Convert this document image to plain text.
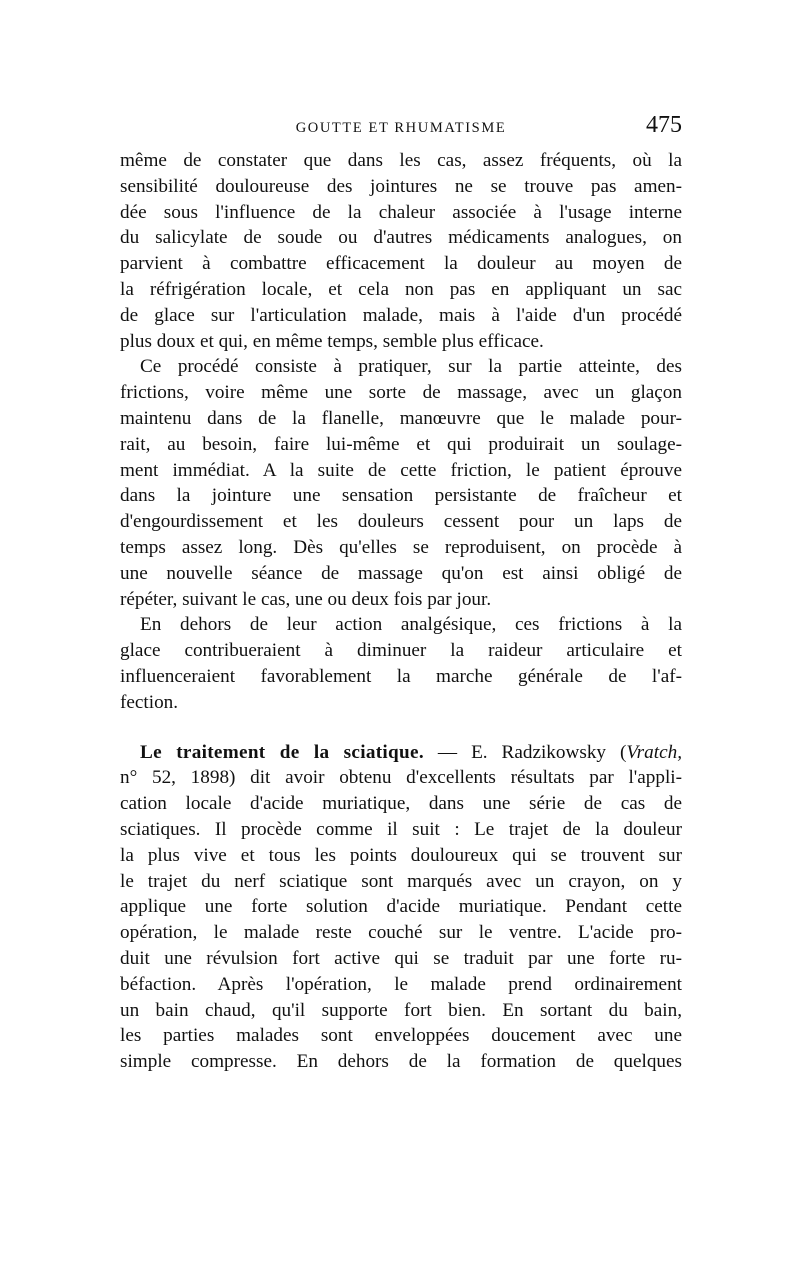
GOUTTE ET RHUMATISME	475
même de constater que dans les cas, assez fréquents, où la
sensibilité douloureuse des jointures ne se trouve pas amen-
dée sous l'influence de la chaleur associée à l'usage interne
du salicylate de soude ou d'autres médicaments analogues, on
parvient à combattre efficacement la douleur au moyen de
la réfrigération locale, et cela non pas en appliquant un sac
de glace sur l'articulation malade, mais à l'aide d'un procédé
plus doux et qui, en même temps, semble plus efficace.
Ce procédé consiste à pratiquer, sur la partie atteinte, des
frictions, voire même une sorte de massage, avec un glaçon
maintenu dans de la flanelle, manœuvre que le malade pour-
rait, au besoin, faire lui-même et qui produirait un soulage-
ment immédiat. A la suite de cette friction, le patient éprouve
dans la jointure une sensation persistante de fraîcheur et
d'engourdissement et les douleurs cessent pour un laps de
temps assez long. Dès qu'elles se reproduisent, on procède à
une nouvelle séance de massage qu'on est ainsi obligé de
répéter, suivant le cas, une ou deux fois par jour.
En dehors de leur action analgésique, ces frictions à la
glace contribueraient à diminuer la raideur articulaire et
influenceraient favorablement la marche générale de l'af-
fection.
Le traitement de la sciatique. — E. Radzikowsky (Vratch,
n° 52, 1898) dit avoir obtenu d'excellents résultats par l'appli-
cation locale d'acide muriatique, dans une série de cas de
sciatiques. Il procède comme il suit : Le trajet de la douleur
la plus vive et tous les points douloureux qui se trouvent sur
le trajet du nerf sciatique sont marqués avec un crayon, on y
applique une forte solution d'acide muriatique. Pendant cette
opération, le malade reste couché sur le ventre. L'acide pro-
duit une révulsion fort active qui se traduit par une forte ru-
béfaction. Après l'opération, le malade prend ordinairement
un bain chaud, qu'il supporte fort bien. En sortant du bain,
les parties malades sont enveloppées doucement avec une
simple compresse. En dehors de la formation de quelques
